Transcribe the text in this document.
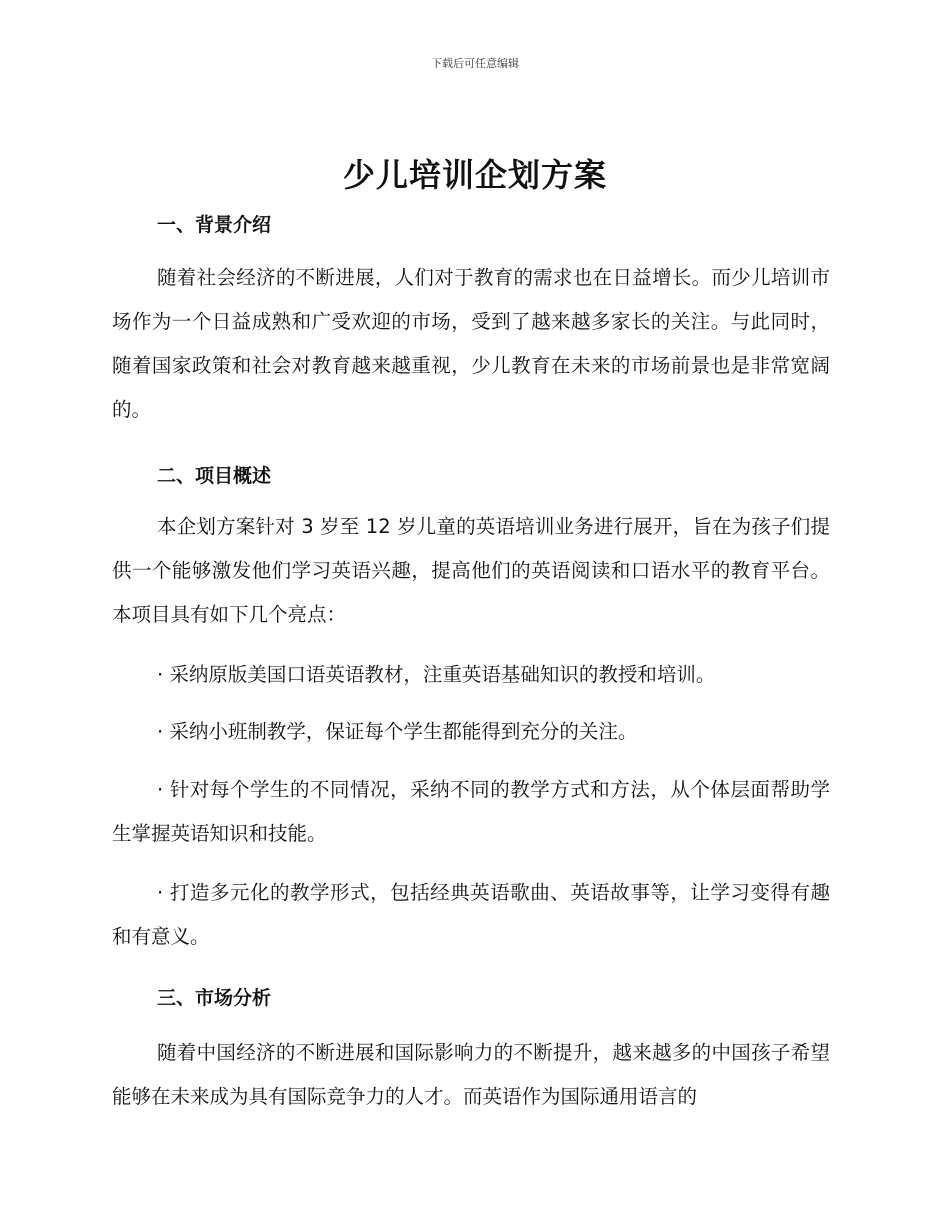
下载后可任意编辑
少儿培训企划方案
一、背景介绍

随着社会经济的不断进展，人们对于教育的需求也在日益增长。而少儿培训市场作为一个日益成熟和广受欢迎的市场，受到了越来越多家长的关注。与此同时，随着国家政策和社会对教育越来越重视，少儿教育在未来的市场前景也是非常宽阔的。

二、项目概述

本企划方案针对 3 岁至 12 岁儿童的英语培训业务进行展开，旨在为孩子们提供一个能够激发他们学习英语兴趣，提高他们的英语阅读和口语水平的教育平台。本项目具有如下几个亮点：

· 采纳原版美国口语英语教材，注重英语基础知识的教授和培训。

· 采纳小班制教学，保证每个学生都能得到充分的关注。

· 针对每个学生的不同情况，采纳不同的教学方式和方法，从个体层面帮助学生掌握英语知识和技能。

· 打造多元化的教学形式，包括经典英语歌曲、英语故事等，让学习变得有趣和有意义。

三、市场分析

随着中国经济的不断进展和国际影响力的不断提升，越来越多的中国孩子希望能够在未来成为具有国际竞争力的人才。而英语作为国际通用语言的
